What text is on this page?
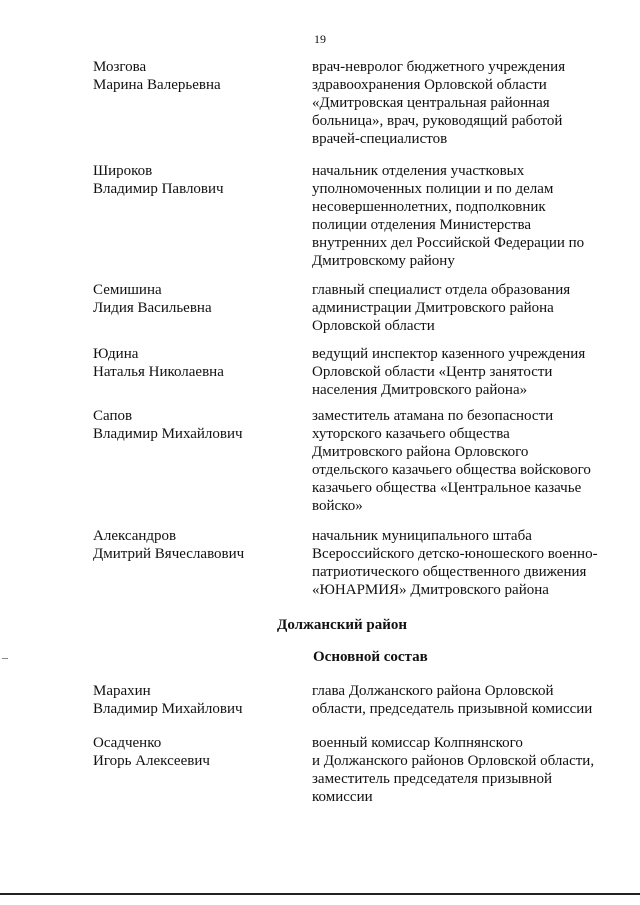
19
Мозгова
Марина Валерьевна
врач-невролог бюджетного учреждения
здравоохранения Орловской области
«Дмитровская центральная районная
больница», врач, руководящий работой
врачей-специалистов
Широков
Владимир Павлович
начальник отделения участковых
уполномоченных полиции и по делам
несовершеннолетних, подполковник
полиции отделения Министерства
внутренних дел Российской Федерации по
Дмитровскому району
Семишина
Лидия Васильевна
главный специалист отдела образования
администрации Дмитровского района
Орловской области
Юдина
Наталья Николаевна
ведущий инспектор казенного учреждения
Орловской области «Центр занятости
населения Дмитровского района»
Сапов
Владимир Михайлович
заместитель атамана по безопасности
хуторского казачьего общества
Дмитровского района Орловского
отдельского казачьего общества войскового
казачьего общества «Центральное казачье
войско»
Александров
Дмитрий Вячеславович
начальник муниципального штаба
Всероссийского детско-юношеского военно-
патриотического общественного движения
«ЮНАРМИЯ» Дмитровского района
Должанский район
Основной состав
Марахин
Владимир Михайлович
глава Должанского района Орловской
области, председатель призывной комиссии
Осадченко
Игорь Алексеевич
военный комиссар Колпнянского
и Должанского районов Орловской области,
заместитель председателя призывной
комиссии
